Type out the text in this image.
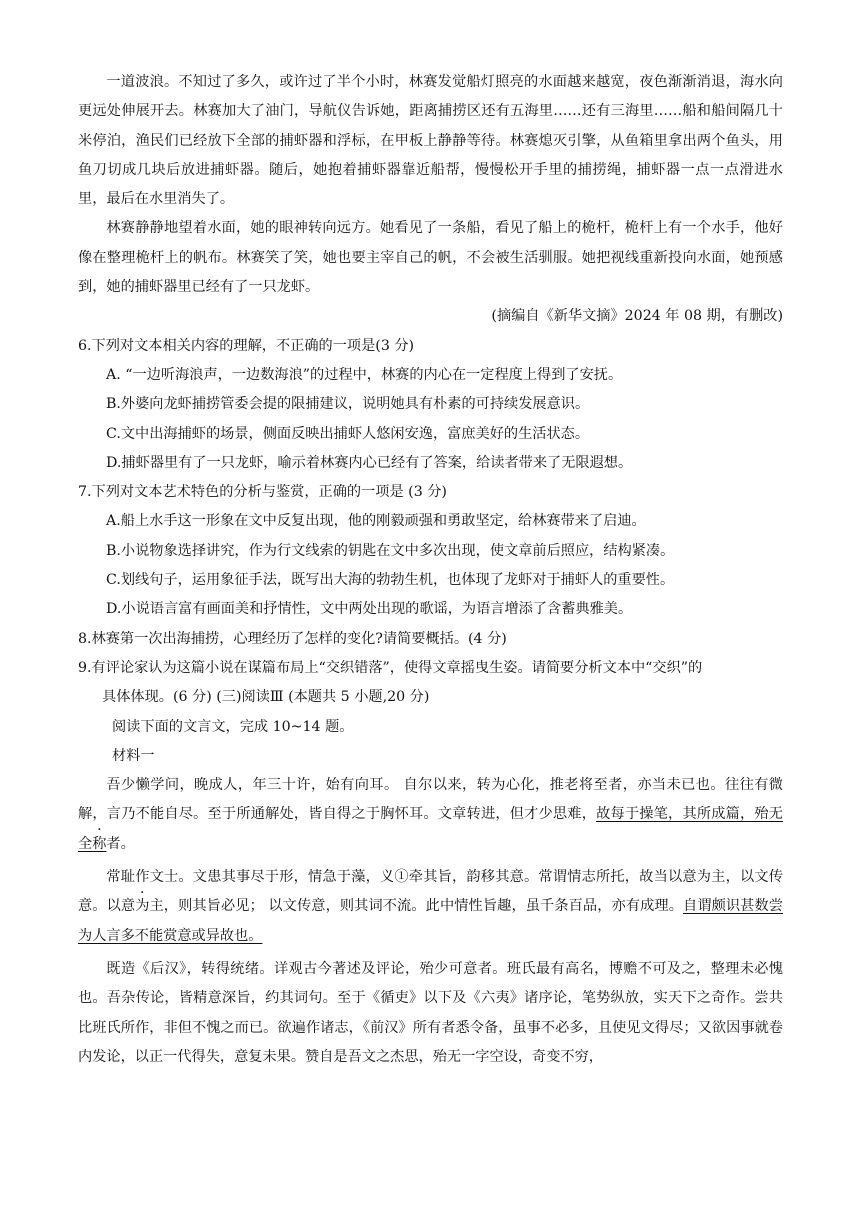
一道波浪。不知过了多久，或许过了半个小时，林赛发觉船灯照亮的水面越来越宽，夜色渐渐消退，海水向更远处伸展开去。林赛加大了油门，导航仪告诉她，距离捕捞区还有五海里……还有三海里……船和船间隔几十米停泊，渔民们已经放下全部的捕虾器和浮标，在甲板上静静等待。林赛熄灭引擎，从鱼箱里拿出两个鱼头，用鱼刀切成几块后放进捕虾器。随后，她抱着捕虾器靠近船帮，慢慢松开手里的捕捞绳，捕虾器一点一点滑进水里，最后在水里消失了。

林赛静静地望着水面，她的眼神转向远方。她看见了一条船，看见了船上的桅杆，桅杆上有一个水手，他好像在整理桅杆上的帆布。林赛笑了笑，她也要主宰自己的帆，不会被生活驯服。她把视线重新投向水面，她预感到，她的捕虾器里已经有了一只龙虾。

(摘编自《新华文摘》2024 年 08 期，有删改)

6.下列对文本相关内容的理解，不正确的一项是(3 分)

A. “一边听海浪声，一边数海浪”的过程中，林赛的内心在一定程度上得到了安抚。

B.外婆向龙虾捕捞管委会提的限捕建议，说明她具有朴素的可持续发展意识。

C.文中出海捕虾的场景，侧面反映出捕虾人悠闲安逸，富庶美好的生活状态。

D.捕虾器里有了一只龙虾，喻示着林赛内心已经有了答案，给读者带来了无限遐想。

7.下列对文本艺术特色的分析与鉴赏，正确的一项是 (3 分)

A.船上水手这一形象在文中反复出现，他的刚毅顽强和勇敢坚定，给林赛带来了启迪。

B.小说物象选择讲究，作为行文线索的钥匙在文中多次出现，使文章前后照应，结构紧凑。

C.划线句子，运用象征手法，既写出大海的勃勃生机，也体现了龙虾对于捕虾人的重要性。

D.小说语言富有画面美和抒情性，文中两处出现的歌谣，为语言增添了含蓄典雅美。

8.林赛第一次出海捕捞，心理经历了怎样的变化?请简要概括。(4 分)

9.有评论家认为这篇小说在谋篇布局上“交织错落”，使得文章摇曳生姿。请简要分析文本中“交织”的

具体体现。(6 分) (三)阅读Ⅲ (本题共 5 小题,20 分)

阅读下面的文言文，完成 10~14 题。

材料一

吾少懒学问，晚成人，年三十许，始有向耳。 自尔以来，转为心化，推老将至者，亦当未已也。往往有微解，言乃不能自尽。至于所通解处，皆自得之于胸怀耳。文章转进，但才少思难，故每于操笔，其所成篇，殆无全称者。

常耻作文士。文患其事尽于形，情急于藻，义①牵其旨，韵移其意。常谓情志所托，故当以意为主，以文传意。以意为主，则其旨必见； 以文传意，则其词不流。此中情性旨趣，虽千条百品，亦有成理。自谓颇识甚数尝为人言多不能赏意或异故也。

既造《后汉》，转得统绪。详观古今著述及评论，殆少可意者。班氏最有高名，博赡不可及之，整理未必愧也。吾杂传论，皆精意深旨，约其词句。至于《循吏》以下及《六夷》诸序论，笔势纵放，实天下之奇作。尝共比班氏所作，非但不愧之而已。欲遍作诸志，《前汉》所有者悉令备，虽事不必多，且使见文得尽；又欲因事就卷内发论，以正一代得失，意复未果。赞自是吾文之杰思，殆无一字空设，奇变不穷，
